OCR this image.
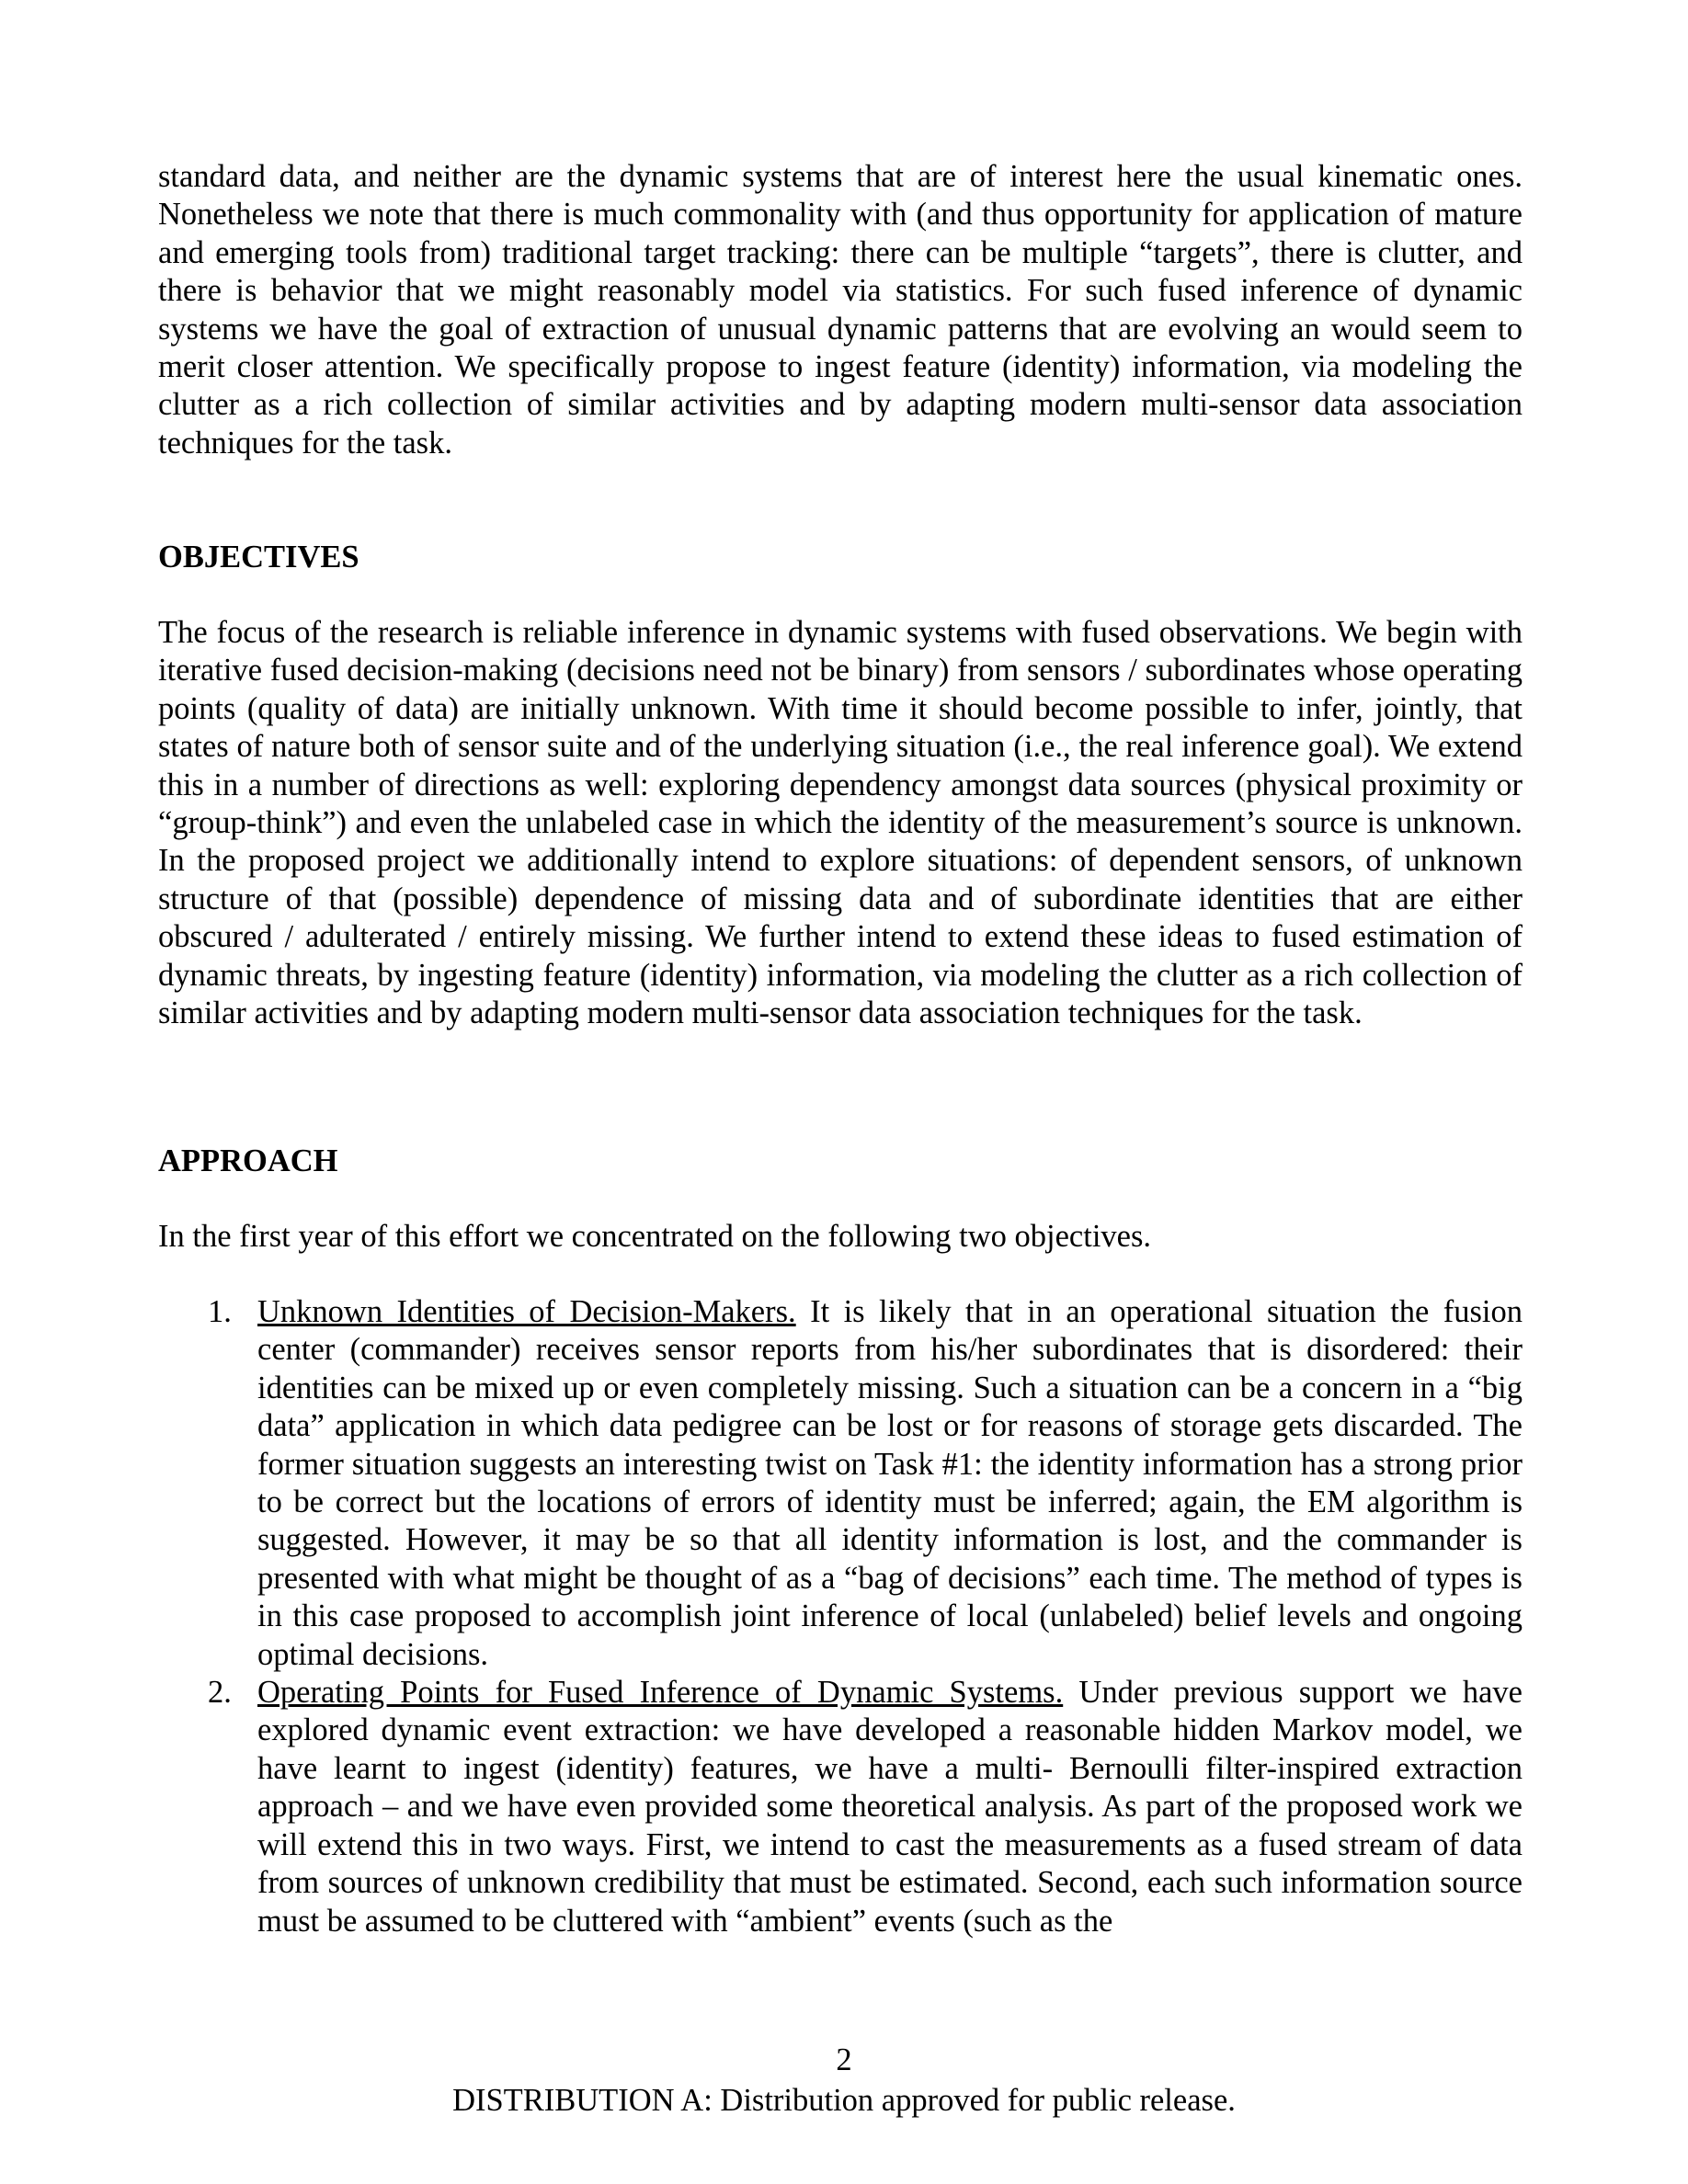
standard data, and neither are the dynamic systems that are of interest here the usual kinematic ones. Nonetheless we note that there is much commonality with (and thus opportunity for application of mature and emerging tools from) traditional target tracking: there can be multiple “targets”, there is clutter, and there is behavior that we might reasonably model via statistics. For such fused inference of dynamic systems we have the goal of extraction of unusual dynamic patterns that are evolving an would seem to merit closer attention. We specifically propose to ingest feature (identity) information, via modeling the clutter as a rich collection of similar activities and by adapting modern multi-sensor data association techniques for the task.

OBJECTIVES

The focus of the research is reliable inference in dynamic systems with fused observations. We begin with iterative fused decision-making (decisions need not be binary) from sensors / subordinates whose operating points (quality of data) are initially unknown. With time it should become possible to infer, jointly, that states of nature both of sensor suite and of the underlying situation (i.e., the real inference goal). We extend this in a number of directions as well: exploring dependency amongst data sources (physical proximity or “group-think”) and even the unlabeled case in which the identity of the measurement’s source is unknown. In the proposed project we additionally intend to explore situations: of dependent sensors, of unknown structure of that (possible) dependence of missing data and of subordinate identities that are either obscured / adulterated / entirely missing. We further intend to extend these ideas to fused estimation of dynamic threats, by ingesting feature (identity) information, via modeling the clutter as a rich collection of similar activities and by adapting modern multi-sensor data association techniques for the task.

APPROACH

In the first year of this effort we concentrated on the following two objectives.

1. Unknown Identities of Decision-Makers. It is likely that in an operational situation the fusion center (commander) receives sensor reports from his/her subordinates that is disordered: their identities can be mixed up or even completely missing. Such a situation can be a concern in a “big data” application in which data pedigree can be lost or for reasons of storage gets discarded. The former situation suggests an interesting twist on Task #1: the identity information has a strong prior to be correct but the locations of errors of identity must be inferred; again, the EM algorithm is suggested. However, it may be so that all identity information is lost, and the commander is presented with what might be thought of as a “bag of decisions” each time. The method of types is in this case proposed to accomplish joint inference of local (unlabeled) belief levels and ongoing optimal decisions.
2. Operating Points for Fused Inference of Dynamic Systems. Under previous support we have explored dynamic event extraction: we have developed a reasonable hidden Markov model, we have learnt to ingest (identity) features, we have a multi- Bernoulli filter-inspired extraction approach – and we have even provided some theoretical analysis. As part of the proposed work we will extend this in two ways. First, we intend to cast the measurements as a fused stream of data from sources of unknown credibility that must be estimated. Second, each such information source must be assumed to be cluttered with “ambient” events (such as the
2
DISTRIBUTION A: Distribution approved for public release.
